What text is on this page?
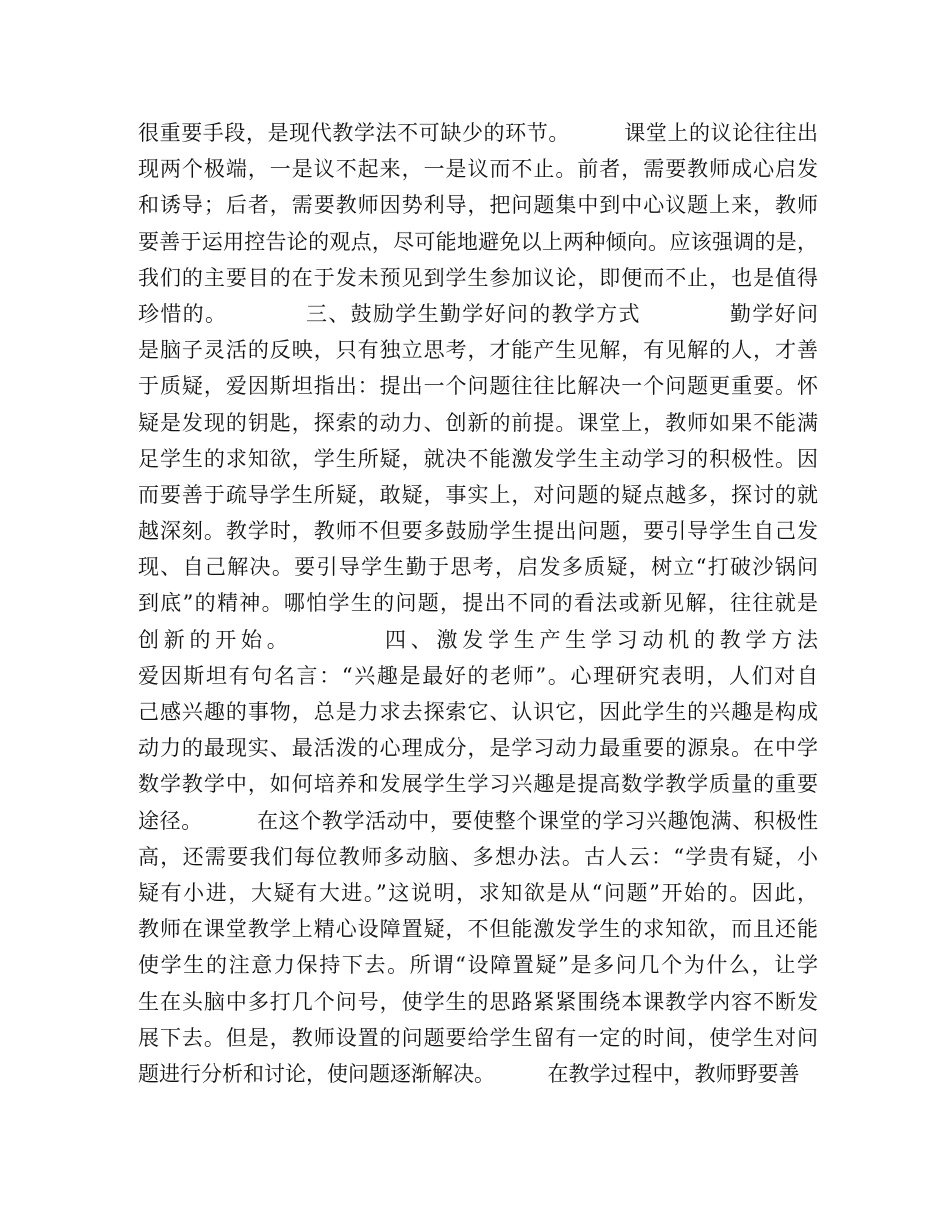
很重要手段，是现代教学法不可缺少的环节。　　　课堂上的议论往往出
现两个极端，一是议不起来，一是议而不止。前者，需要教师成心启发
和诱导；后者，需要教师因势利导，把问题集中到中心议题上来，教师
要善于运用控告论的观点，尽可能地避免以上两种倾向。应该强调的是，
我们的主要目的在于发未预见到学生参加议论，即便而不止，也是值得
珍惜的。　　　　三、鼓励学生勤学好问的教学方式　　　　勤学好问
是脑子灵活的反映，只有独立思考，才能产生见解，有见解的人，才善
于质疑，爱因斯坦指出：提出一个问题往往比解决一个问题更重要。怀
疑是发现的钥匙，探索的动力、创新的前提。课堂上，教师如果不能满
足学生的求知欲，学生所疑，就决不能激发学生主动学习的积极性。因
而要善于疏导学生所疑，敢疑，事实上，对问题的疑点越多，探讨的就
越深刻。教学时，教师不但要多鼓励学生提出问题，要引导学生自己发
现、自己解决。要引导学生勤于思考，启发多质疑，树立“打破沙锅问
到底”的精神。哪怕学生的问题，提出不同的看法或新见解，往往就是
创新的开始。　　　　四、激发学生产生学习动机的教学方法
爱因斯坦有句名言：“兴趣是最好的老师”。心理研究表明，人们对自
己感兴趣的事物，总是力求去探索它、认识它，因此学生的兴趣是构成
动力的最现实、最活泼的心理成分，是学习动力最重要的源泉。在中学
数学教学中，如何培养和发展学生学习兴趣是提高数学教学质量的重要
途径。　　　在这个教学活动中，要使整个课堂的学习兴趣饱满、积极性
高，还需要我们每位教师多动脑、多想办法。古人云：“学贵有疑，小
疑有小进，大疑有大进。”这说明，求知欲是从“问题”开始的。因此，
教师在课堂教学上精心设障置疑，不但能激发学生的求知欲，而且还能
使学生的注意力保持下去。所谓“设障置疑”是多问几个为什么，让学
生在头脑中多打几个问号，使学生的思路紧紧围绕本课教学内容不断发
展下去。但是，教师设置的问题要给学生留有一定的时间，使学生对问
题进行分析和讨论，使问题逐渐解决。　　　在教学过程中，教师野要善
